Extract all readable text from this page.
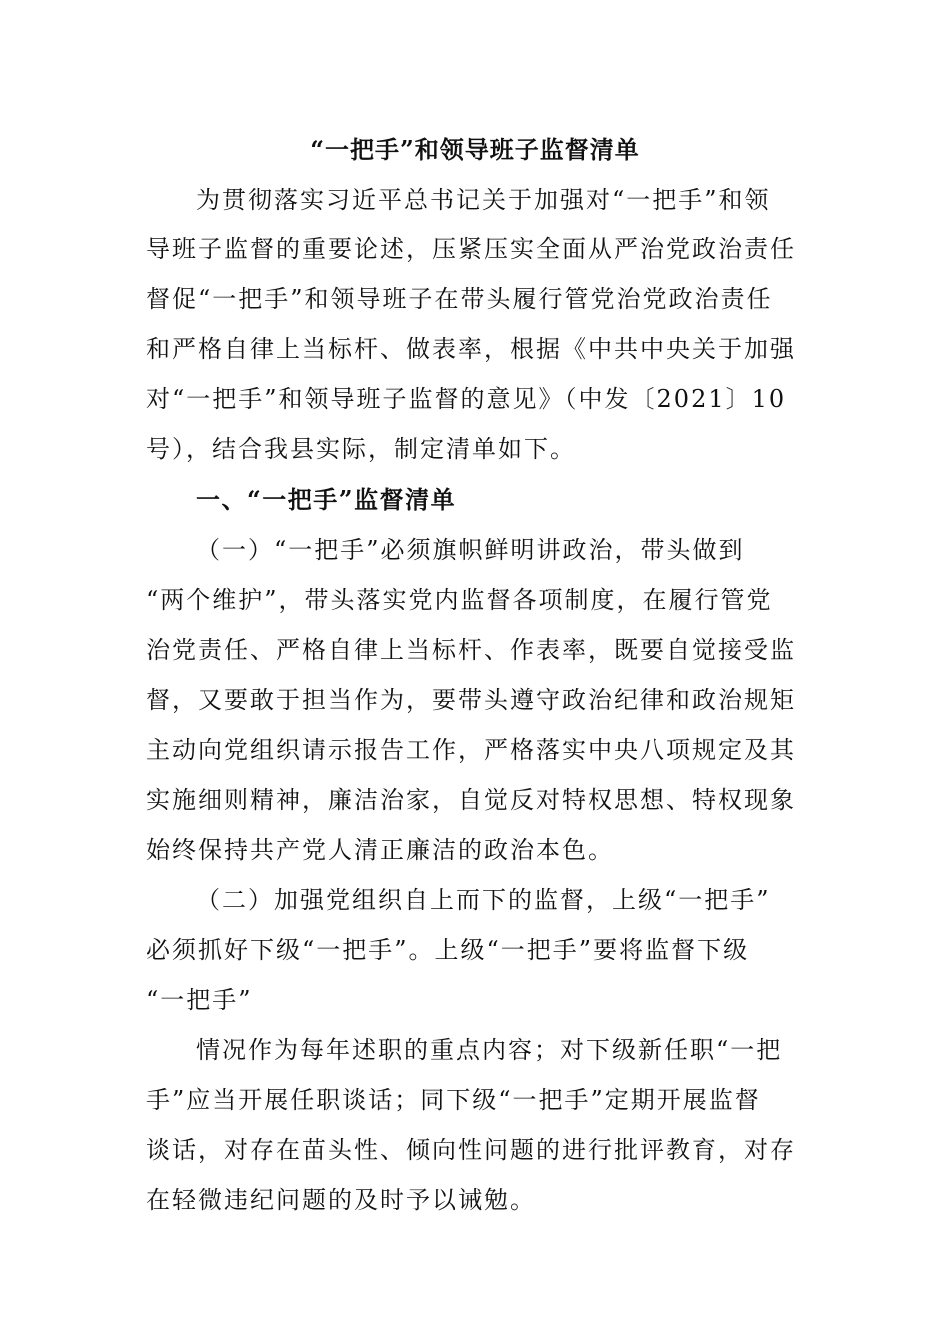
“一把手”和领导班子监督清单
为贯彻落实习近平总书记关于加强对“一把手”和领
导班子监督的重要论述，压紧压实全面从严治党政治责任
督促“一把手”和领导班子在带头履行管党治党政治责任
和严格自律上当标杆、做表率，根据《中共中央关于加强
对“一把手”和领导班子监督的意见》（中发〔2021〕10
号），结合我县实际，制定清单如下。
一、“一把手”监督清单
（一）“一把手”必须旗帜鲜明讲政治，带头做到
“两个维护”，带头落实党内监督各项制度，在履行管党
治党责任、严格自律上当标杆、作表率，既要自觉接受监
督，又要敢于担当作为，要带头遵守政治纪律和政治规矩
主动向党组织请示报告工作，严格落实中央八项规定及其
实施细则精神，廉洁治家，自觉反对特权思想、特权现象
始终保持共产党人清正廉洁的政治本色。
（二）加强党组织自上而下的监督，上级“一把手”
必须抓好下级“一把手”。上级“一把手”要将监督下级
“一把手”
情况作为每年述职的重点内容；对下级新任职“一把
手”应当开展任职谈话；同下级“一把手”定期开展监督
谈话，对存在苗头性、倾向性问题的进行批评教育，对存
在轻微违纪问题的及时予以诫勉。
